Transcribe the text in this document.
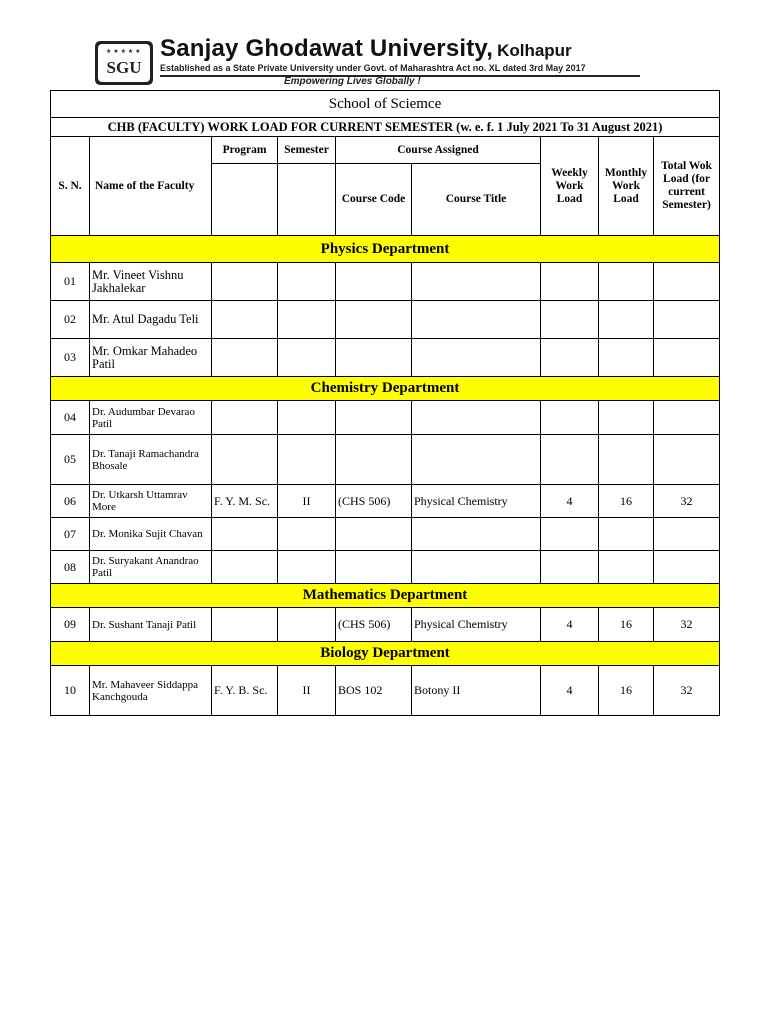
★ ★ ★ ★ ★
SGU
Sanjay Ghodawat University, Kolhapur
Established as a State Private University under Govt. of Maharashtra Act no. XL dated 3rd May 2017
Empowering Lives Globally !
School of Sciemce								
CHB (FACULTY) WORK LOAD FOR CURRENT SEMESTER (w. e. f. 1 July 2021 To 31 August 2021)								
S. N.	Name of the Faculty	Program	Semester	Course Assigned		Weekly Work Load	Monthly Work Load	Total Wok Load (for current Semester)
				Course Code	Course Title			
Physics Department								
01	Mr. Vineet Vishnu Jakhalekar							
02	Mr. Atul Dagadu Teli							
03	Mr. Omkar Mahadeo Patil							
Chemistry Department								
04	Dr. Audumbar Devarao Patil							
05	Dr. Tanaji Ramachandra Bhosale							
06	Dr. Utkarsh Uttamrav More	F. Y. M. Sc.	II	(CHS 506)	Physical Chemistry	4	16	32
07	Dr. Monika Sujit Chavan							
08	Dr. Suryakant Anandrao Patil							
Mathematics Department								
09	Dr. Sushant Tanaji Patil			(CHS 506)	Physical Chemistry	4	16	32
Biology Department								
10	Mr. Mahaveer Siddappa Kanchgouda	F. Y. B. Sc.	II	BOS 102	Botony II	4	16	32
